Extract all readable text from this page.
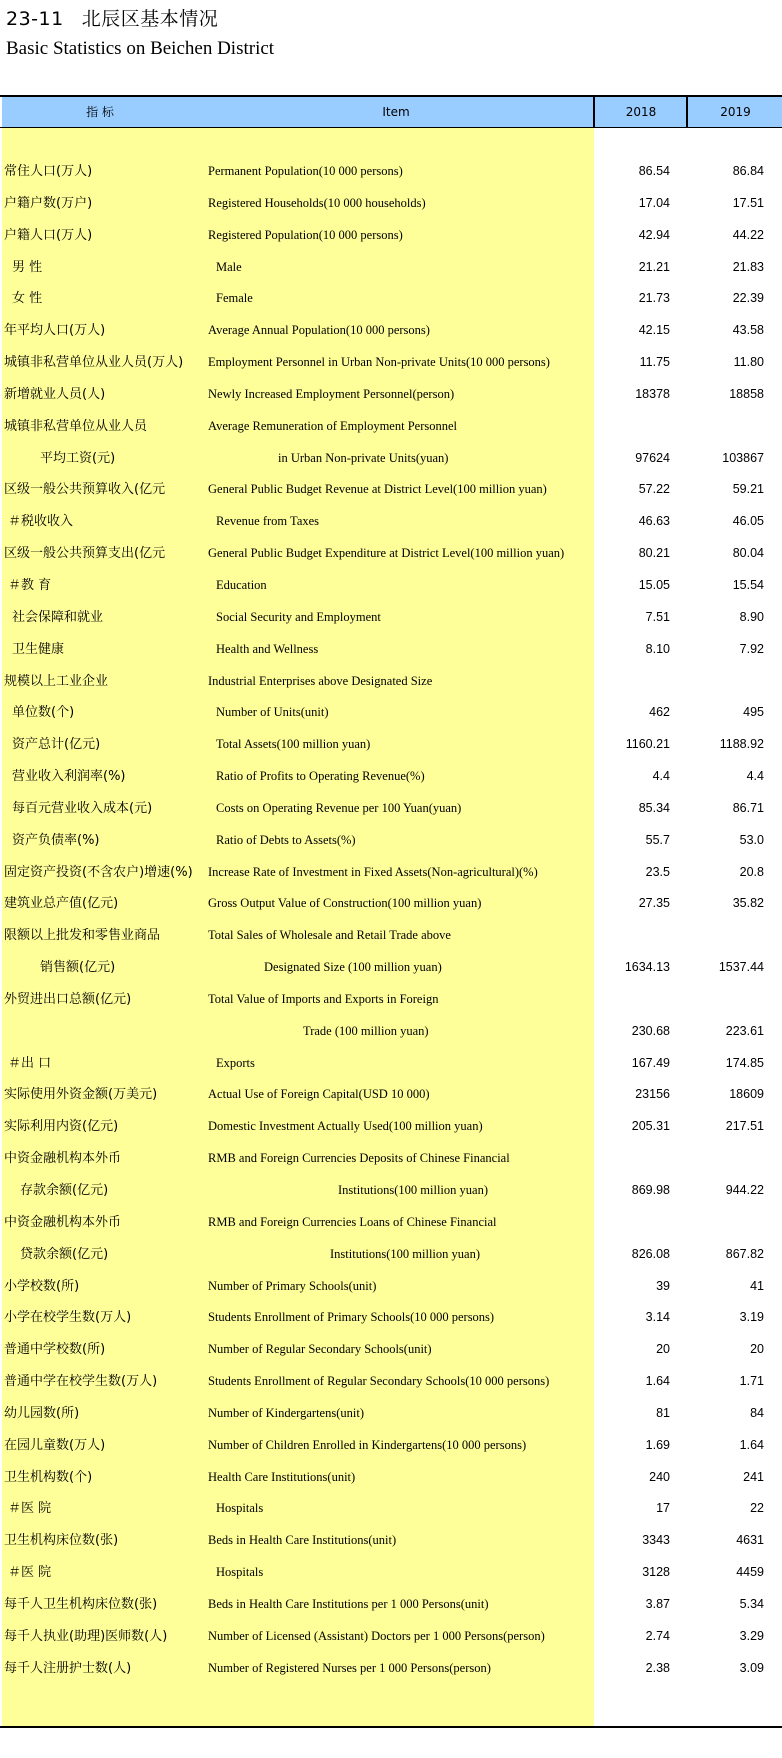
23-11 北辰区基本情况
Basic Statistics on Beichen District
指 标	Item	2018	2019
常住人口(万人)	Permanent Population(10 000 persons)	86.54	86.84
户籍户数(万户)	Registered Households(10 000 households)	17.04	17.51
户籍人口(万人)	Registered Population(10 000 persons)	42.94	44.22
男 性	Male	21.21	21.83
女 性	Female	21.73	22.39
年平均人口(万人)	Average Annual Population(10 000 persons)	42.15	43.58
城镇非私营单位从业人员(万人) Employment Personnel in Urban Non-private Units(10 000 persons)	11.75	11.80
新增就业人员(人)	Newly Increased Employment Personnel(person)	18378	18858
城镇非私营单位从业人员	Average Remuneration of Employment Personnel
平均工资(元)	in Urban Non-private Units(yuan)	97624	103867
区级一般公共预算收入(亿元	General Public Budget Revenue at District Level(100 million yuan)	57.22	59.21
＃税收收入	Revenue from Taxes	46.63	46.05
区级一般公共预算支出(亿元	General Public Budget Expenditure at District Level(100 million yuan)	80.21	80.04
＃教 育	Education	15.05	15.54
社会保障和就业	Social Security and Employment	7.51	8.90
卫生健康	Health and Wellness	8.10	7.92
规模以上工业企业	Industrial Enterprises above Designated Size
单位数(个)	Number of Units(unit)	462	495
资产总计(亿元)	Total Assets(100 million yuan)	1160.21	1188.92
营业收入利润率(%)	Ratio of Profits to Operating Revenue(%)	4.4	4.4
每百元营业收入成本(元)	Costs on Operating Revenue per 100 Yuan(yuan)	85.34	86.71
资产负债率(%)	Ratio of Debts to Assets(%)	55.7	53.0
固定资产投资(不含农户)增速(%) Increase Rate of Investment in Fixed Assets(Non-agricultural)(%)	23.5	20.8
建筑业总产值(亿元)	Gross Output Value of Construction(100 million yuan)	27.35	35.82
限额以上批发和零售业商品	Total Sales of Wholesale and Retail Trade above
销售额(亿元)	Designated Size (100 million yuan)	1634.13	1537.44
外贸进出口总额(亿元)	Total Value of Imports and Exports in Foreign
Trade (100 million yuan)	230.68	223.61
＃出 口	Exports	167.49	174.85
实际使用外资金额(万美元)	Actual Use of Foreign Capital(USD 10 000)	23156	18609
实际利用内资(亿元)	Domestic Investment Actually Used(100 million yuan)	205.31	217.51
中资金融机构本外币	RMB and Foreign Currencies Deposits of Chinese Financial
存款余额(亿元)	Institutions(100 million yuan)	869.98	944.22
中资金融机构本外币	RMB and Foreign Currencies Loans of Chinese Financial
贷款余额(亿元)	Institutions(100 million yuan)	826.08	867.82
小学校数(所)	Number of Primary Schools(unit)	39	41
小学在校学生数(万人)	Students Enrollment of Primary Schools(10 000 persons)	3.14	3.19
普通中学校数(所)	Number of Regular Secondary Schools(unit)	20	20
普通中学在校学生数(万人)	Students Enrollment of Regular Secondary Schools(10 000 persons)	1.64	1.71
幼儿园数(所)	Number of Kindergartens(unit)	81	84
在园儿童数(万人)	Number of Children Enrolled in Kindergartens(10 000 persons)	1.69	1.64
卫生机构数(个)	Health Care Institutions(unit)	240	241
＃医 院	Hospitals	17	22
卫生机构床位数(张)	Beds in Health Care Institutions(unit)	3343	4631
＃医 院	Hospitals	3128	4459
每千人卫生机构床位数(张)	Beds in Health Care Institutions per 1 000 Persons(unit)	3.87	5.34
每千人执业(助理)医师数(人)	Number of Licensed (Assistant) Doctors per 1 000 Persons(person)	2.74	3.29
每千人注册护士数(人)	Number of Registered Nurses per 1 000 Persons(person)	2.38	3.09
